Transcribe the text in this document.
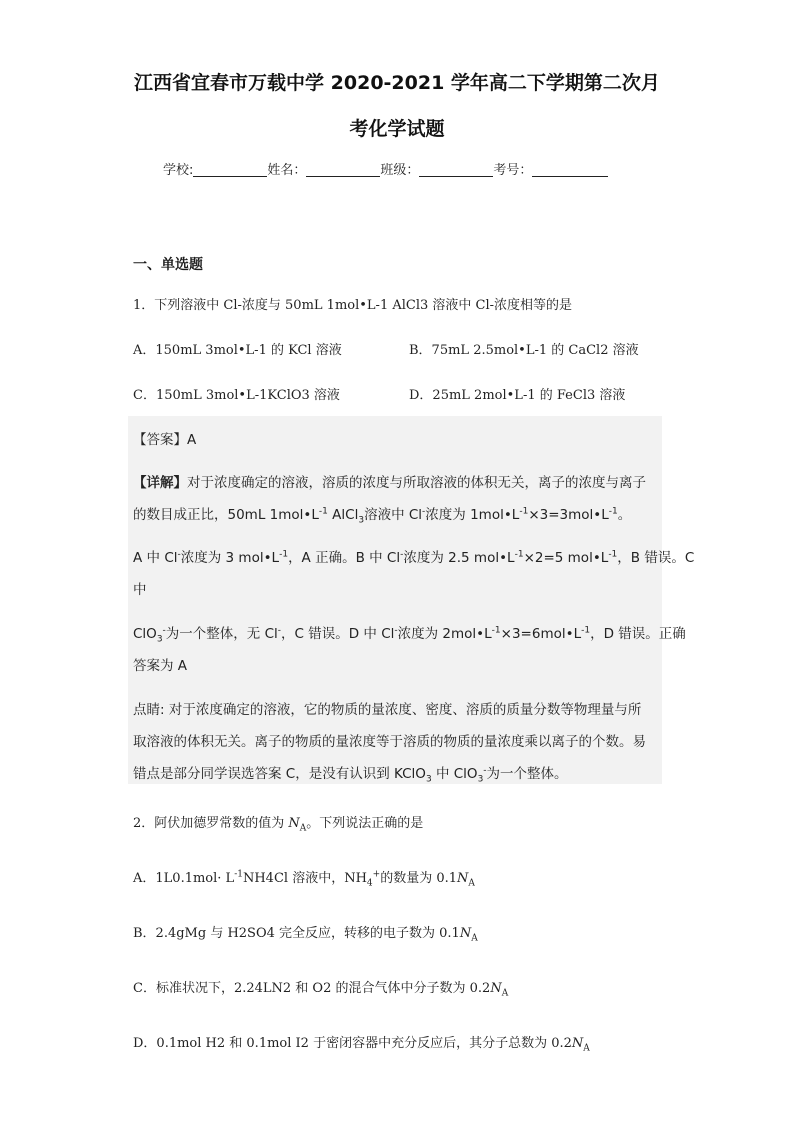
江西省宜春市万载中学 2020-2021 学年高二下学期第二次月
考化学试题
学校:	姓名：	班级：	考号：
一、单选题
1．下列溶液中 Cl-浓度与 50mL 1mol•L-1 AlCl3 溶液中 Cl-浓度相等的是
A．150mL 3mol•L-1 的 KCl 溶液	B．75mL 2.5mol•L-1 的 CaCl2 溶液
C．150mL 3mol•L-1KClO3 溶液	D．25mL 2mol•L-1 的 FeCl3 溶液
【答案】A
【详解】对于浓度确定的溶液，溶质的浓度与所取溶液的体积无关，离子的浓度与离子
的数目成正比，50mL $1mol•L^{-1}$ AlCl$_3$溶液中 Cl-浓度为 $1mol•L^{-1}\times 3=3mol•L^{-1}$。
A 中 Cl-浓度为 3 $mol•L^{-1}$，A 正确。B 中 Cl-浓度为 2.5 $mol•L^{-1}\times 2=5$ $mol•L^{-1}$，B 错误。C
中
ClO$_3$-为一个整体，无 Cl-，C 错误。D 中 Cl-浓度为 $2mol•L^{-1}\times 3=6mol•L^{-1}$，D 错误。正确
答案为 A
点睛: 对于浓度确定的溶液，它的物质的量浓度、密度、溶质的质量分数等物理量与所
取溶液的体积无关。离子的物质的量浓度等于溶质的物质的量浓度乘以离子的个数。易
错点是部分同学误选答案 C，是没有认识到 KClO$_3$ 中 ClO$_3$-为一个整体。
2．阿伏加德罗常数的值为 $N_A$。下列说法正确的是
A．$1L0.1mol\cdot L^{-1}NH4Cl$ 溶液中，$NH_4^+$的数量为 $0.1N_A$
B．2.4gMg 与 H2SO4 完全反应，转移的电子数为 $0.1N_A$
C．标准状况下，2.24LN2 和 O2 的混合气体中分子数为 $0.2N_A$
D．0.1mol H2 和 0.1mol I2 于密闭容器中充分反应后，其分子总数为 $0.2N_A$
